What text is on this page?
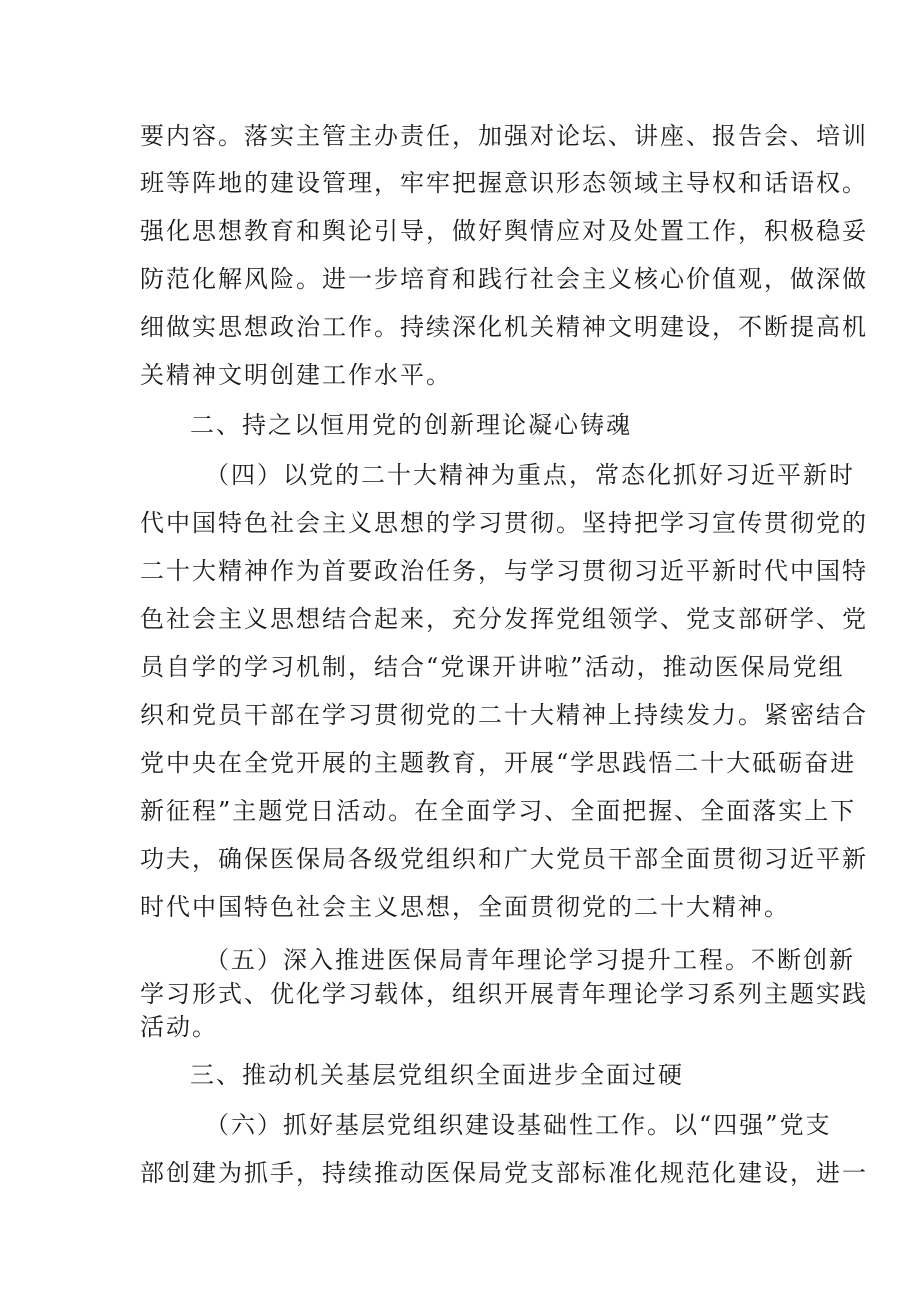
要 内 容 。 落 实 主 管 主 办 责 任 ， 加 强 对 论 坛 、 讲 座 、 报 告 会 、 培 训
班 等 阵 地 的 建 设 管 理 ， 牢 牢 把 握 意 识 形 态 领 域 主 导 权 和 话 语 权 。
强 化 思 想 教 育 和 舆 论 引 导 ， 做 好 舆 情 应 对 及 处 置 工 作 ， 积 极 稳 妥
防 范 化 解 风 险 。 进 一 步 培 育 和 践 行 社 会 主 义 核 心 价 值 观 ， 做 深 做
细 做 实 思 想 政 治 工 作 。 持 续 深 化 机 关 精 神 文 明 建 设 ， 不 断 提 高 机
关精神文明创建工作水平。
二、持之以恒用党的创新理论凝心铸魂
（ 四 ） 以 党 的 二 十 大 精 神 为 重 点 ， 常 态 化 抓 好 习 近 平 新 时
代 中 国 特 色 社 会 主 义 思 想 的 学 习 贯 彻 。 坚 持 把 学 习 宣 传 贯 彻 党 的
二 十 大 精 神 作 为 首 要 政 治 任 务 ， 与 学 习 贯 彻 习 近 平 新 时 代 中 国 特
色 社 会 主 义 思 想 结 合 起 来 ， 充 分 发 挥 党 组 领 学 、 党 支 部 研 学 、 党
员 自 学 的 学 习 机 制 ， 结 合 “ 党 课 开 讲 啦 ” 活 动 ， 推 动 医 保 局 党 组
织 和 党 员 干 部 在 学 习 贯 彻 党 的 二 十 大 精 神 上 持 续 发 力 。 紧 密 结 合
党 中 央 在 全 党 开 展 的 主 题 教 育 ， 开 展 “ 学 思 践 悟 二 十 大 砥 砺 奋 进
新 征 程 ” 主 题 党 日 活 动 。 在 全 面 学 习 、 全 面 把 握 、 全 面 落 实 上 下
功 夫 ， 确 保 医 保 局 各 级 党 组 织 和 广 大 党 员 干 部 全 面 贯 彻 习 近 平 新
时代中国特色社会主义思想，全面贯彻党的二十大精神。
（ 五 ） 深 入 推 进 医 保 局 青 年 理 论 学 习 提 升 工 程 。 不 断 创 新
学 习 形 式 、 优 化 学 习 载 体 ， 组 织 开 展 青 年 理 论 学 习 系 列 主 题 实 践
活动。
三、推动机关基层党组织全面进步全面过硬
（ 六 ） 抓 好 基 层 党 组 织 建 设 基 础 性 工 作 。 以 “ 四 强 ” 党 支
部 创 建 为 抓 手 ， 持 续 推 动 医 保 局 党 支 部 标 准 化 规 范 化 建 设 ， 进 一
